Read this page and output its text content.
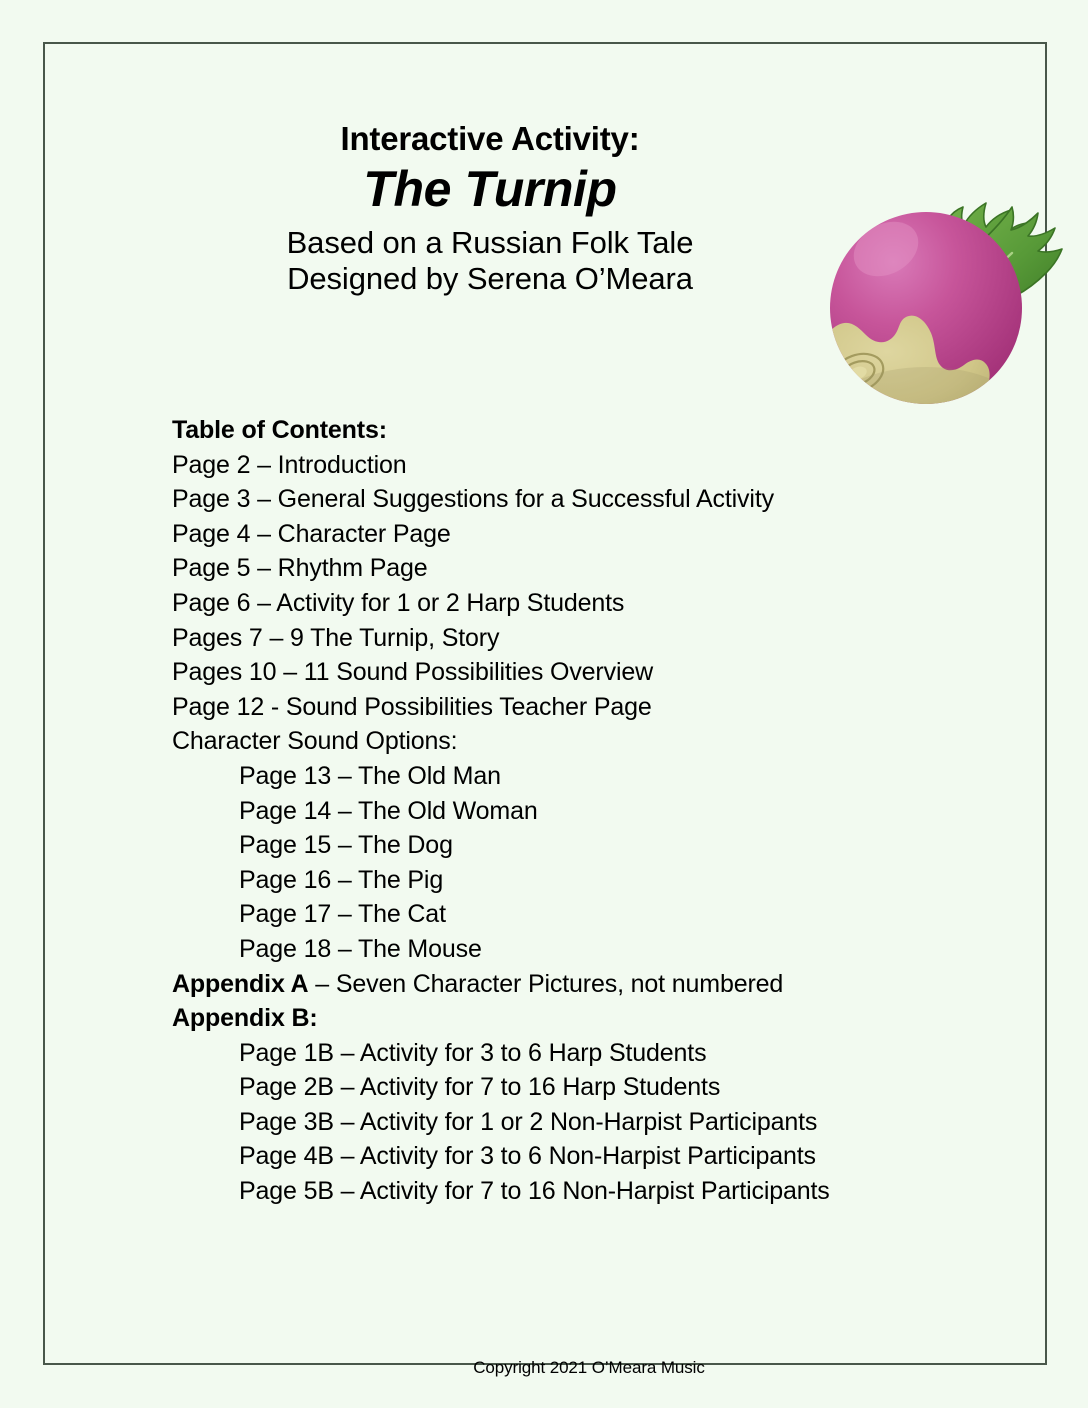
Interactive Activity:
The Turnip
Based on a Russian Folk Tale
Designed by Serena O’Meara
Table of Contents:
Page 2 – Introduction
Page 3 – General Suggestions for a Successful Activity
Page 4 – Character Page
Page 5 – Rhythm Page
Page 6 – Activity for 1 or 2 Harp Students
Pages 7 – 9 The Turnip, Story
Pages 10 – 11 Sound Possibilities Overview
Page 12 - Sound Possibilities Teacher Page
Character Sound Options:
Page 13 – The Old Man
Page 14 – The Old Woman
Page 15 – The Dog
Page 16 – The Pig
Page 17 – The Cat
Page 18 – The Mouse
Appendix A – Seven Character Pictures, not numbered
Appendix B:
Page 1B – Activity for 3 to 6 Harp Students
Page 2B – Activity for 7 to 16 Harp Students
Page 3B – Activity for 1 or 2 Non-Harpist Participants
Page 4B – Activity for 3 to 6 Non-Harpist Participants
Page 5B – Activity for 7 to 16 Non-Harpist Participants
Copyright 2021 O’Meara Music
